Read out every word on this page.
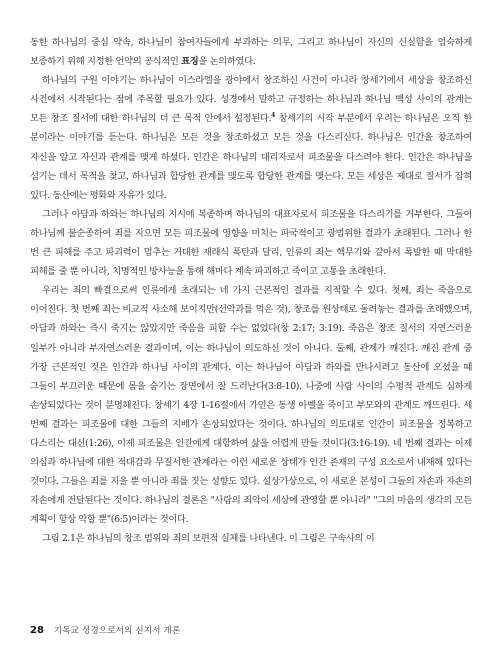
동한 하나님의 중심 약속, 하나님이 참여자들에게 부과하는 의무, 그리고 하나님이 자신의 신실함을 엄숙하게 보증하기 위해 지정한 언약의 공식적인 표징을 논의하였다.

하나님의 구원 이야기는 하나님이 이스라엘을 광야에서 창조하신 사건이 아니라 창세기에서 세상을 창조하신 사건에서 시작된다는 점에 주목할 필요가 있다. 성경에서 말하고 규정하는 하나님과 하나님 백성 사이의 관계는 모든 창조 질서에 대한 하나님의 더 큰 목적 안에서 설정된다.$^4$ 창세기의 시작 부분에서 우리는 하나님은 오직 한 분이라는 이야기를 듣는다. 하나님은 모든 것을 창조하셨고 모든 것을 다스리신다. 하나님은 인간을 창조하여 자신을 알고 자신과 관계를 맺게 하셨다. 인간은 하나님의 대리자로서 피조물을 다스려야 한다. 인간은 하나님을 섬기는 데서 목적을 찾고, 하나님과 합당한 관계를 맺도록 합당한 관계를 맺는다. 모든 세상은 제대로 질서가 잡혀 있다. 동산에는 평화와 자유가 있다.

그러나 아담과 하와는 하나님의 지시에 복종하며 하나님의 대표자로서 피조물을 다스리기를 거부한다. 그들이 하나님께 불순종하여 죄를 지으면 모든 피조물에 영향을 미치는 파국적이고 광범위한 결과가 초래된다. 그러나 한 번 큰 피해를 주고 파괴력이 멈추는 거대한 재래식 폭탄과 달리, 인류의 죄는 핵무기와 같아서 폭발한 때 막대한 피해를 줄 뿐 아니라, 치명적인 방사능을 통해 해마다 계속 파괴하고 죽이고 고통을 초래한다.

우리는 죄의 빠결으로써 인류에게 초래되는 네 가지 근본적인 결과를 지적할 수 있다. 첫째, 죄는 죽음으로 이어진다. 첫 번째 죄는 비교적 사소해 보이지만(선악과를 먹은 것), 창조를 원상태로 돌려놓는 결과를 초래했으며, 아담과 하와는 즉시 죽지는 않았지만 죽음을 피할 수는 없었다(창 2:17; 3:19). 죽음은 창조 질서의 자연스러운 일부가 아니라 부자연스러운 결과이며, 이는 하나님이 의도하신 것이 아니다. 둘째, 관계가 깨진다. 깨진 관계 중 가장 근본적인 것은 인간과 하나님 사이의 관계다. 이는 하나님이 아담과 하와를 만나시려고 동산에 오셨을 때 그들이 부끄러운 때문에 몸을 숨기는 장면에서 잘 드러난다(3:8-10). 나중에 사람 사이의 수평적 관계도 심하게 손상되었다는 것이 분명해진다. 창세기 4장 1-16절에서 가인은 동생 아벨을 죽이고 부모와의 관계도 깨뜨린다. 세 번째 결과는 피조물에 대한 그들의 지배가 손상되었다는 것이다. 하나님의 의도대로 인간이 피조물을 정복하고 다스리는 대신(1:26), 이제 피조물은 인간에게 대항하여 삶을 어렵게 만들 것이다(3:16-19). 네 번째 결과는 이제 의심과 하나님에 대한 적대감과 무질서한 관계라는 이런 새로운 상태가 인간 존재의 구성 요소로서 내재해 있다는 것이다. 그들은 죄를 지을 뿐 아니라 죄를 짓는 성향도 있다. 설상가상으로, 이 새로운 본성이 그들의 자손과 자손의 자손에게 전달된다는 것이다. 하나님의 결론은 "사람의 죄악이 세상에 관영할 뿐 아니라" "그의 마음의 생각의 모든 계획이 항상 악할 뿐"(6:5)이라는 것이다.

그림 2.1은 하나님의 창조 범위와 죄의 보편적 실체를 나타낸다. 이 그림은 구속사의 이

28 기독교 성경으로서의 신지서 개론
